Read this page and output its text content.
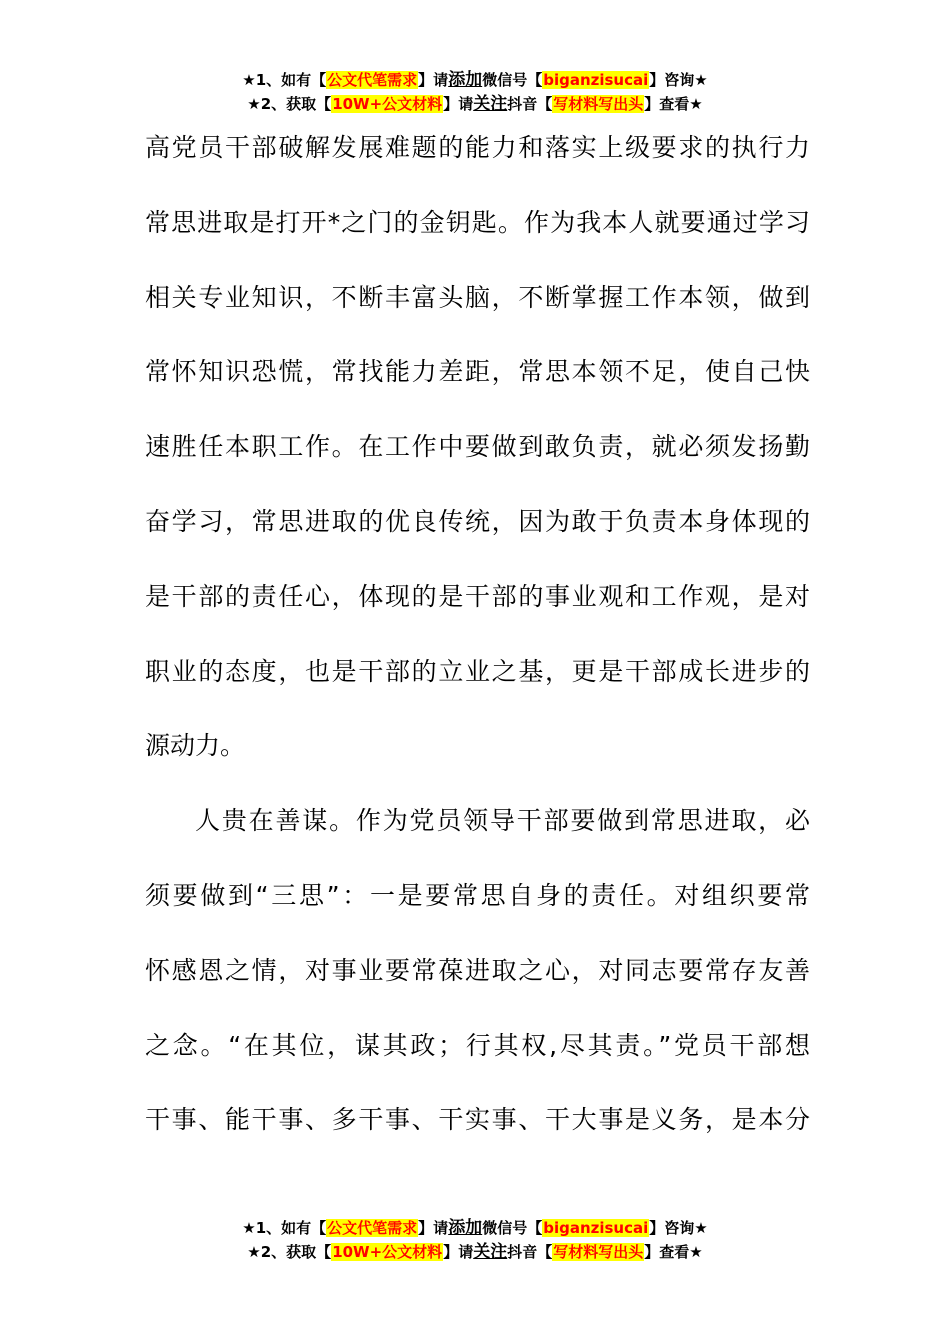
★1、如有【公文代笔需求】请添加微信号【biganzisucai】咨询★
★2、获取【10W+公文材料】请关注抖音【写材料写出头】查看★
高党员干部破解发展难题的能力和落实上级要求的执行力
常思进取是打开*之门的金钥匙。作为我本人就要通过学习
相关专业知识，不断丰富头脑，不断掌握工作本领，做到
常怀知识恐慌，常找能力差距，常思本领不足，使自己快
速胜任本职工作。在工作中要做到敢负责，就必须发扬勤
奋学习，常思进取的优良传统，因为敢于负责本身体现的
是干部的责任心，体现的是干部的事业观和工作观，是对
职业的态度，也是干部的立业之基，更是干部成长进步的
源动力。
人贵在善谋。作为党员领导干部要做到常思进取，必
须要做到“三思”：一是要常思自身的责任。对组织要常
怀感恩之情，对事业要常葆进取之心，对同志要常存友善
之念。“在其位，谋其政；行其权,尽其责。”党员干部想
干事、能干事、多干事、干实事、干大事是义务，是本分
★1、如有【公文代笔需求】请添加微信号【biganzisucai】咨询★
★2、获取【10W+公文材料】请关注抖音【写材料写出头】查看★
